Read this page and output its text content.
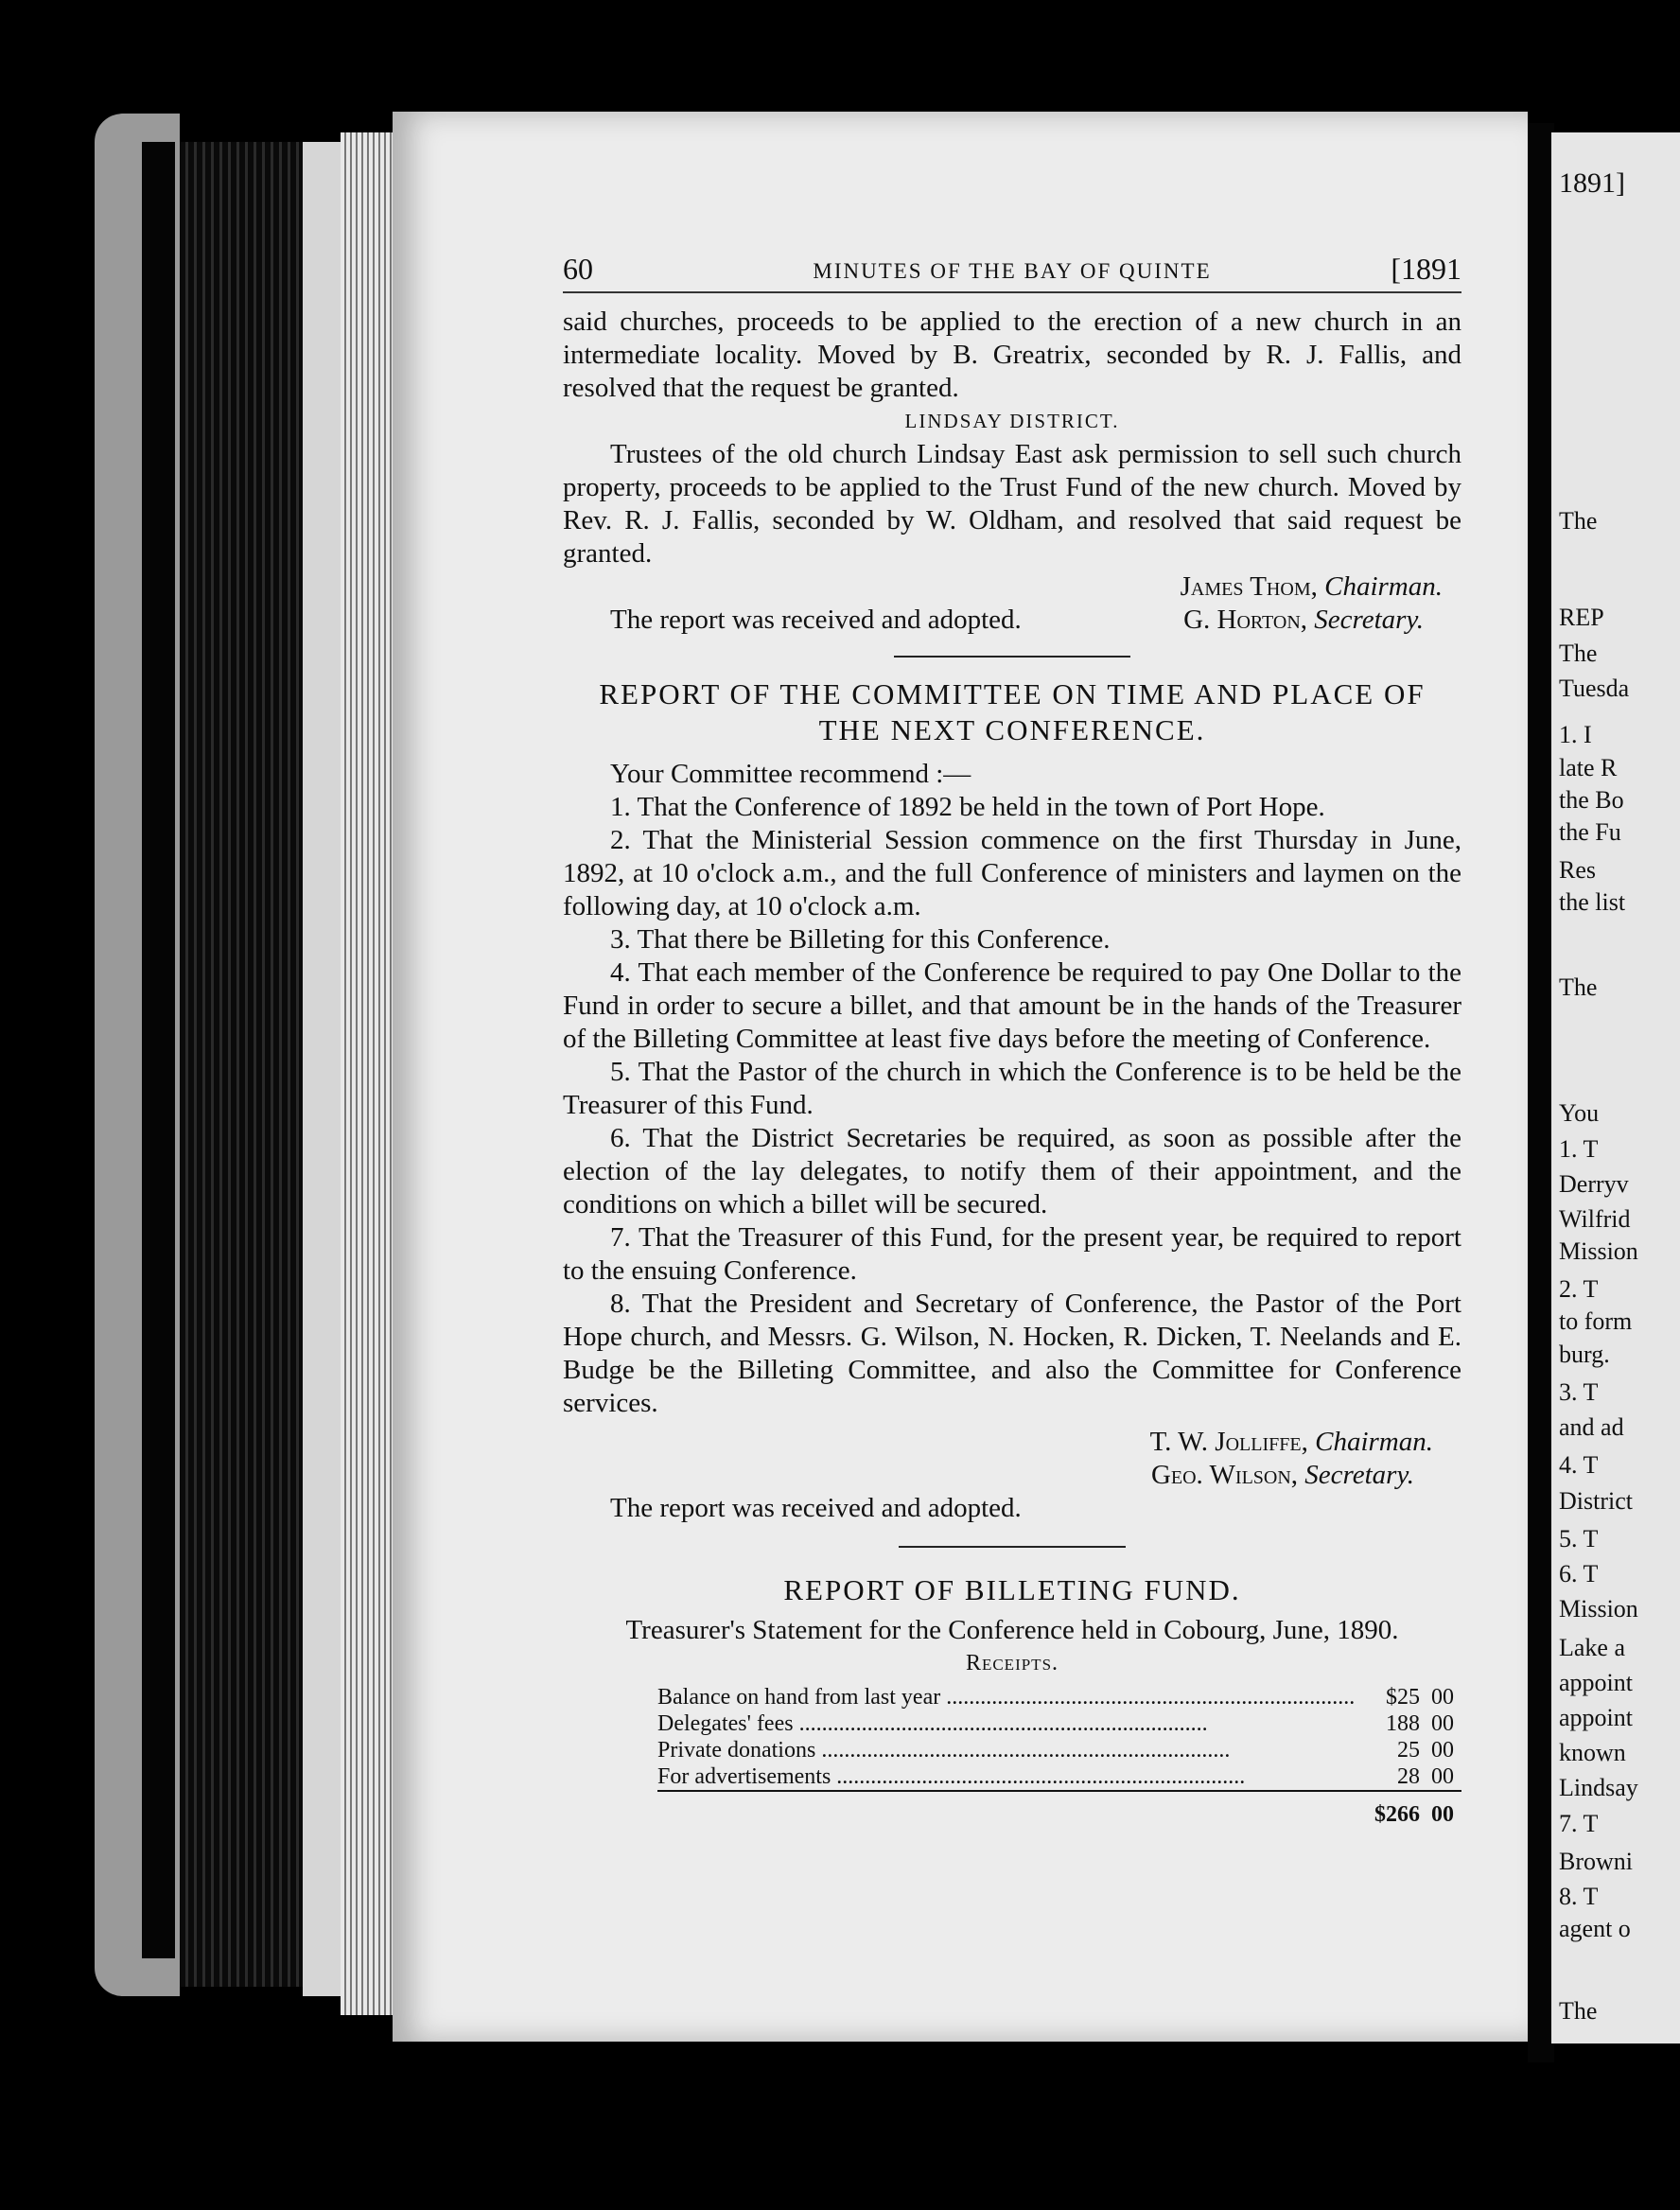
1891]
The
REP
The
Tuesda
1. I
late R
the Bo
the Fu
Res
the list
The
You
1. T
Derryv
Wilfrid
Mission
2. T
to form
burg.
3. T
and ad
4. T
District
5. T
6. T
Mission
Lake a
appoint
appoint
known
Lindsay
7. T
Browni
8. T
agent o
The
60	MINUTES OF THE BAY OF QUINTE	[1891

said churches, proceeds to be applied to the erection of a new church in an intermediate locality. Moved by B. Greatrix, seconded by R. J. Fallis, and resolved that the request be granted.

LINDSAY DISTRICT.

Trustees of the old church Lindsay East ask permission to sell such church property, proceeds to be applied to the Trust Fund of the new church. Moved by Rev. R. J. Fallis, seconded by W. Oldham, and resolved that said request be granted.

James Thom, Chairman.

The report was received and adopted.	G. Horton, Secretary.
REPORT OF THE COMMITTEE ON TIME AND PLACE OF
THE NEXT CONFERENCE.

Your Committee recommend :—

1. That the Conference of 1892 be held in the town of Port Hope.

2. That the Ministerial Session commence on the first Thursday in June, 1892, at 10 o'clock a.m., and the full Conference of ministers and laymen on the following day, at 10 o'clock a.m.

3. That there be Billeting for this Conference.

4. That each member of the Conference be required to pay One Dollar to the Fund in order to secure a billet, and that amount be in the hands of the Treasurer of the Billeting Committee at least five days before the meeting of Conference.

5. That the Pastor of the church in which the Conference is to be held be the Treasurer of this Fund.

6. That the District Secretaries be required, as soon as possible after the election of the lay delegates, to notify them of their appointment, and the conditions on which a billet will be secured.

7. That the Treasurer of this Fund, for the present year, be required to report to the ensuing Conference.

8. That the President and Secretary of Conference, the Pastor of the Port Hope church, and Messrs. G. Wilson, N. Hocken, R. Dicken, T. Neelands and E. Budge be the Billeting Committee, and also the Committee for Conference services.

T. W. Jolliffe, Chairman.

Geo. Wilson, Secretary.

The report was received and adopted.

REPORT OF BILLETING FUND.

Treasurer's Statement for the Conference held in Cobourg, June, 1890.

Receipts.

Balance on hand from last year ........................................................................	$25	00
Delegates' fees ........................................................................	188	00
Private donations ........................................................................	25	00
For advertisements ........................................................................	28	00

	$266	00
